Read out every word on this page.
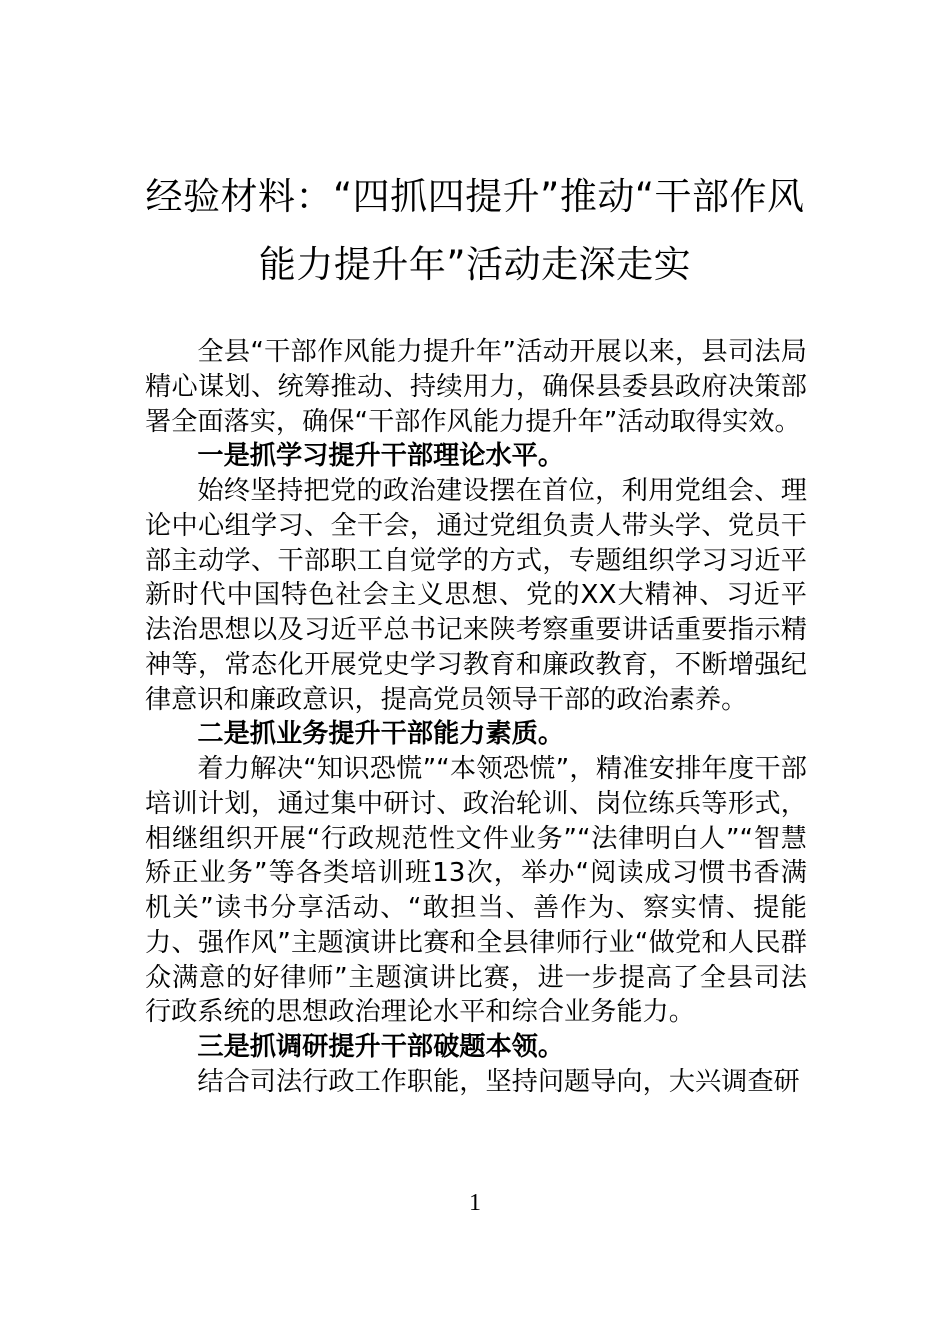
经验材料：“四抓四提升”推动“干部作风能力提升年”活动走深走实

全县“干部作风能力提升年”活动开展以来，县司法局精心谋划、统筹推动、持续用力，确保县委县政府决策部署全面落实，确保“干部作风能力提升年”活动取得实效。

一是抓学习提升干部理论水平。

始终坚持把党的政治建设摆在首位，利用党组会、理论中心组学习、全干会，通过党组负责人带头学、党员干部主动学、干部职工自觉学的方式，专题组织学习习近平新时代中国特色社会主义思想、党的XX大精神、习近平法治思想以及习近平总书记来陕考察重要讲话重要指示精神等，常态化开展党史学习教育和廉政教育，不断增强纪律意识和廉政意识，提高党员领导干部的政治素养。

二是抓业务提升干部能力素质。

着力解决“知识恐慌”“本领恐慌”，精准安排年度干部培训计划，通过集中研讨、政治轮训、岗位练兵等形式，相继组织开展“行政规范性文件业务”“法律明白人”“智慧矫正业务”等各类培训班13次，举办“阅读成习惯书香满机关”读书分享活动、“敢担当、善作为、察实情、提能力、强作风”主题演讲比赛和全县律师行业“做党和人民群众满意的好律师”主题演讲比赛，进一步提高了全县司法行政系统的思想政治理论水平和综合业务能力。

三是抓调研提升干部破题本领。

结合司法行政工作职能，坚持问题导向，大兴调查研

1
